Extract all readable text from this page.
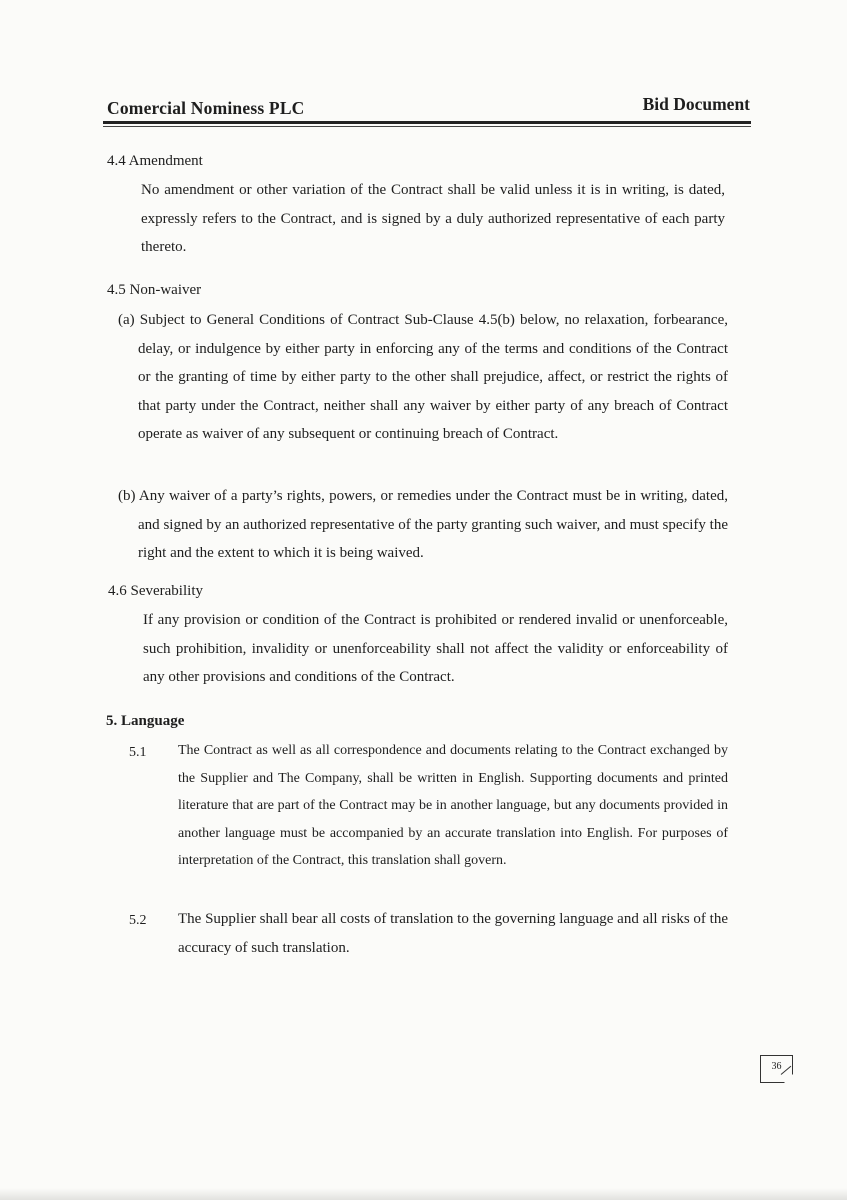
Comercial Nominess PLC	Bid Document
4.4 Amendment

No amendment or other variation of the Contract shall be valid unless it is in writing, is dated, expressly refers to the Contract, and is signed by a duly authorized representative of each party thereto.

4.5 Non-waiver

(a) Subject to General Conditions of Contract Sub-Clause 4.5(b) below, no relaxation, forbearance, delay, or indulgence by either party in enforcing any of the terms and conditions of the Contract or the granting of time by either party to the other shall prejudice, affect, or restrict the rights of that party under the Contract, neither shall any waiver by either party of any breach of Contract operate as waiver of any subsequent or continuing breach of Contract.

(b) Any waiver of a party’s rights, powers, or remedies under the Contract must be in writing, dated, and signed by an authorized representative of the party granting such waiver, and must specify the right and the extent to which it is being waived.

4.6 Severability

If any provision or condition of the Contract is prohibited or rendered invalid or unenforceable, such prohibition, invalidity or unenforceability shall not affect the validity or enforceability of any other provisions and conditions of the Contract.

5. Language
5.1 The Contract as well as all correspondence and documents relating to the Contract exchanged by the Supplier and The Company, shall be written in English. Supporting documents and printed literature that are part of the Contract may be in another language, but any documents provided in another language must be accompanied by an accurate translation into English. For purposes of interpretation of the Contract, this translation shall govern.

5.2 The Supplier shall bear all costs of translation to the governing language and all risks of the accuracy of such translation.

36
